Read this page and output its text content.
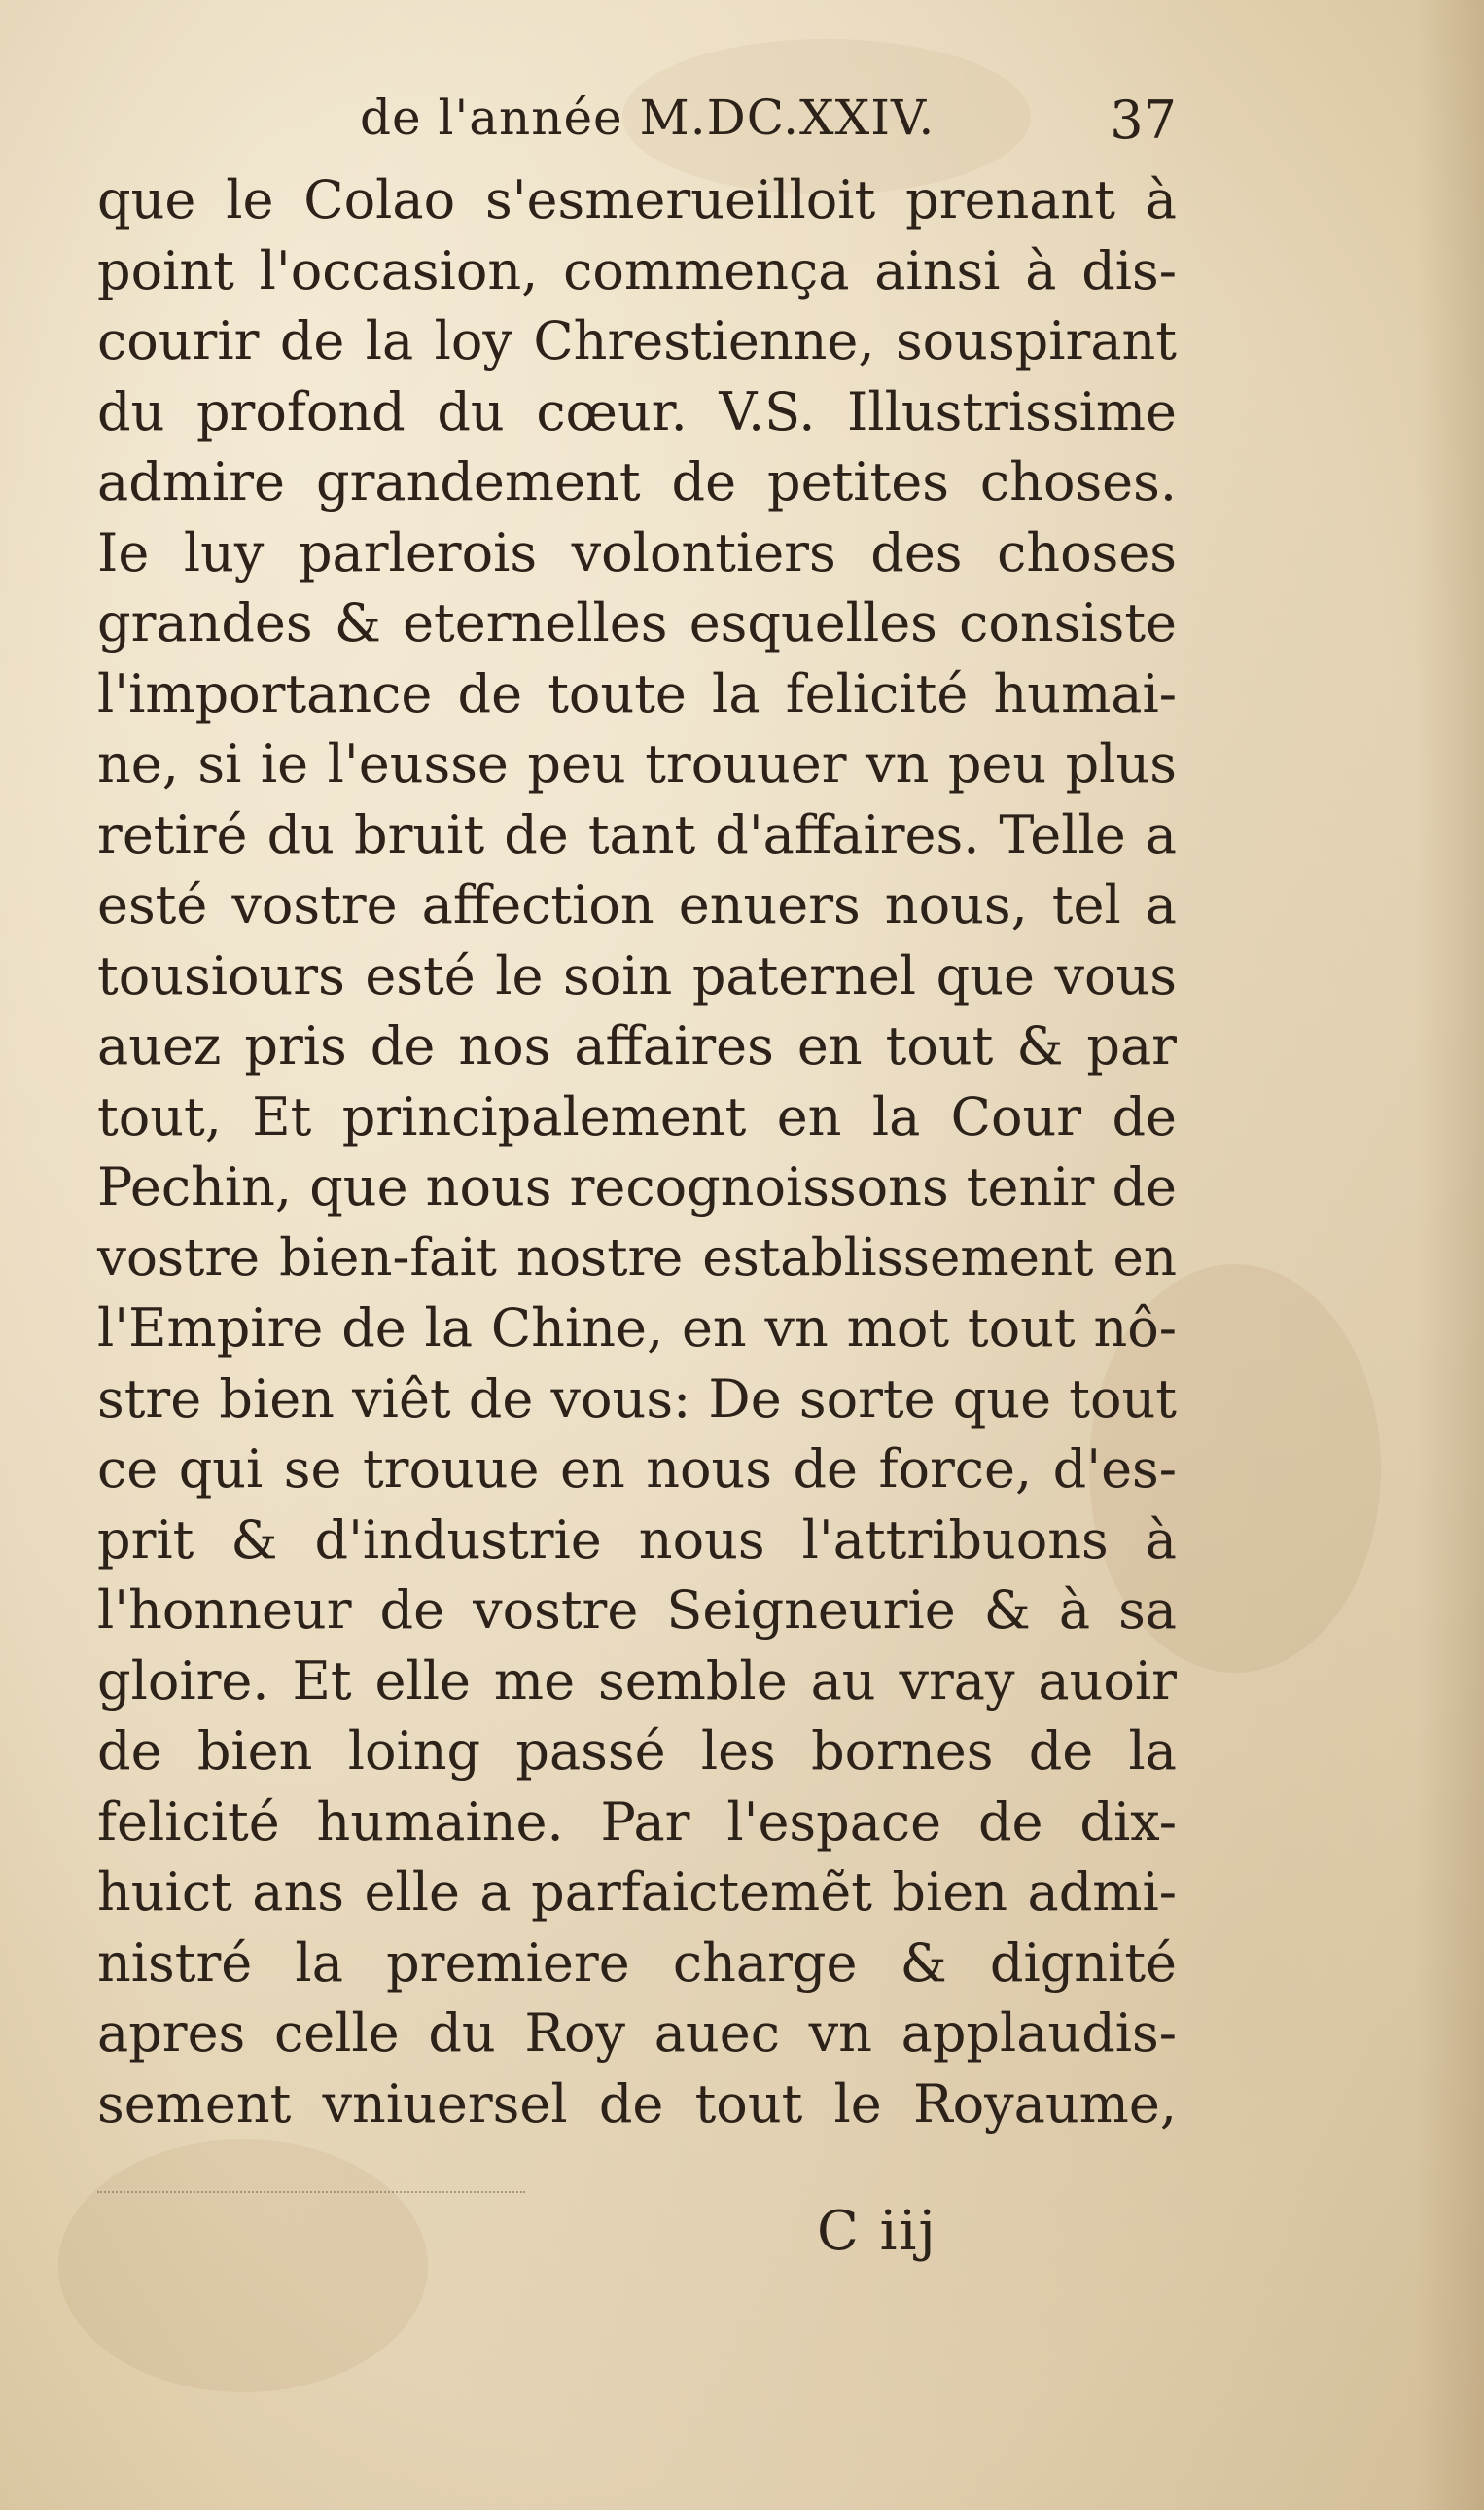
de l'année M.DC.XXIV.	37
que le Colao s'esmerueilloit prenant à
point l'occasion, commença ainsi à dis-
courir de la loy Chrestienne, souspirant
du profond du cœur. V.S. Illustrissime
admire grandement de petites choses.
Ie luy parlerois volontiers des choses
grandes & eternelles esquelles consiste
l'importance de toute la felicité humai-
ne, si ie l'eusse peu trouuer vn peu plus
retiré du bruit de tant d'affaires. Telle a
esté vostre affection enuers nous, tel a
tousiours esté le soin paternel que vous
auez pris de nos affaires en tout & par
tout, Et principalement en la Cour de
Pechin, que nous recognoissons tenir de
vostre bien-fait nostre establissement en
l'Empire de la Chine, en vn mot tout nô-
stre bien viêt de vous: De sorte que tout
ce qui se trouue en nous de force, d'es-
prit & d'industrie nous l'attribuons à
l'honneur de vostre Seigneurie & à sa
gloire. Et elle me semble au vray auoir
de bien loing passé les bornes de la
felicité humaine. Par l'espace de dix-
huict ans elle a parfaictemẽt bien admi-
nistré la premiere charge & dignité
apres celle du Roy auec vn applaudis-
sement vniuersel de tout le Royaume,
C iij
